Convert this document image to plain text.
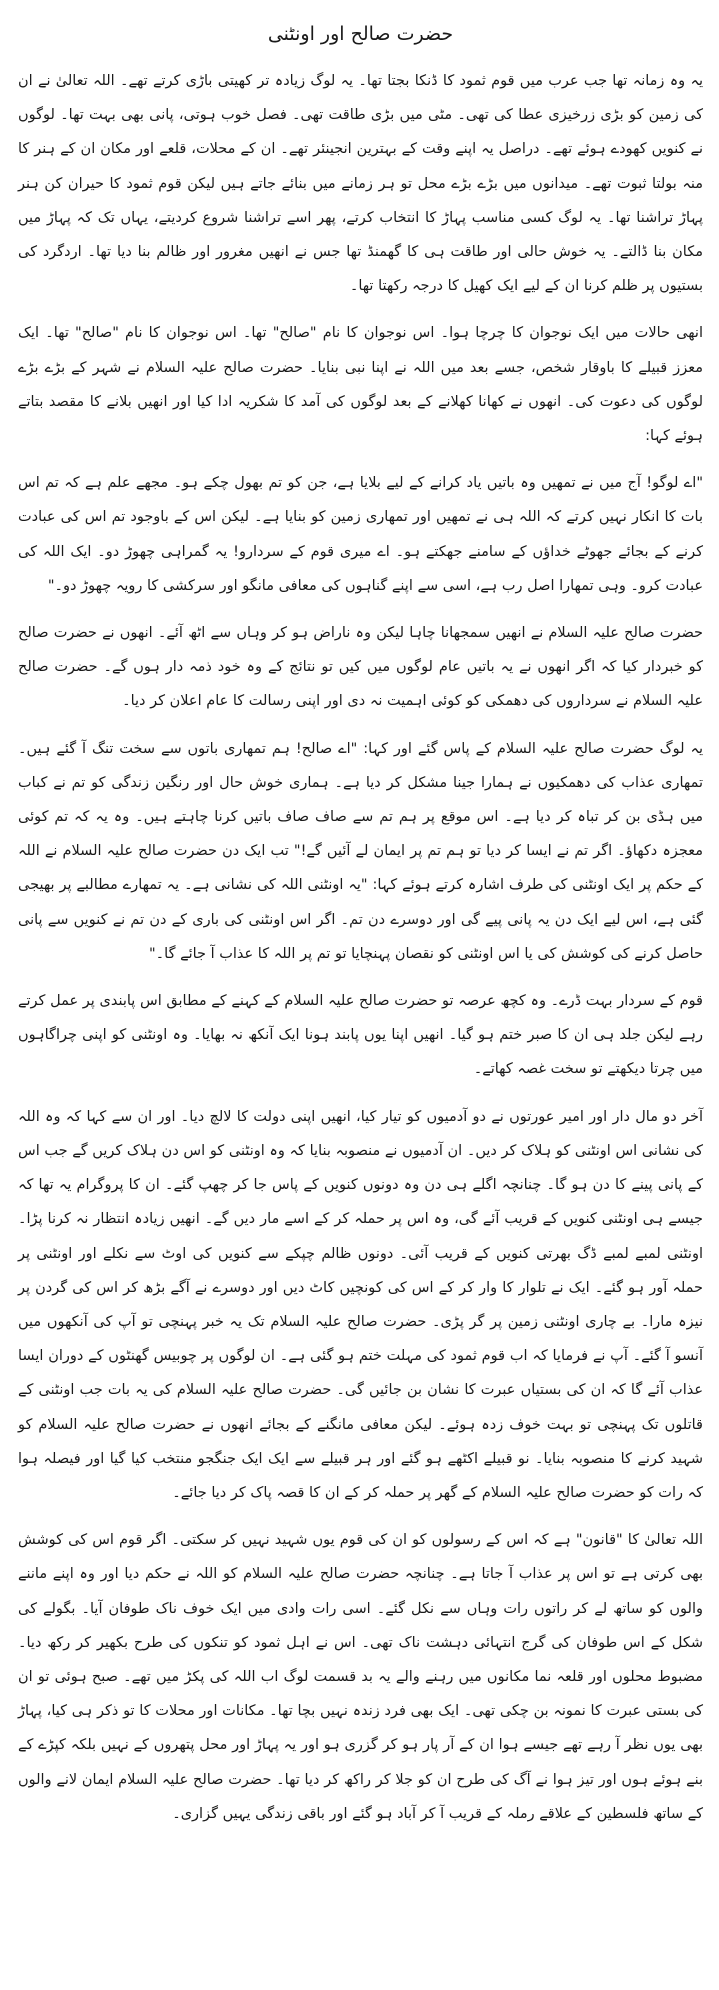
حضرت صالح اور اونٹنی

یہ وہ زمانہ تھا جب عرب میں قوم ثمود کا ڈنکا بجتا تھا۔ یہ لوگ زیادہ تر کھیتی باڑی کرتے تھے۔ اللہ تعالیٰ نے ان کی زمین کو بڑی زرخیزی عطا کی تھی۔ مٹی میں بڑی طاقت تھی۔ فصل خوب ہوتی، پانی بھی بہت تھا۔ لوگوں نے کنویں کھودے ہوئے تھے۔ دراصل یہ اپنے وقت کے بہترین انجینئر تھے۔ ان کے محلات، قلعے اور مکان ان کے ہنر کا منہ بولتا ثبوت تھے۔ میدانوں میں بڑے بڑے محل تو ہر زمانے میں بنائے جاتے ہیں لیکن قوم ثمود کا حیران کن ہنر پہاڑ تراشنا تھا۔ یہ لوگ کسی مناسب پہاڑ کا انتخاب کرتے، پھر اسے تراشنا شروع کردیتے، یہاں تک کہ پہاڑ میں مکان بنا ڈالتے۔ یہ خوش حالی اور طاقت ہی کا گھمنڈ تھا جس نے انھیں مغرور اور ظالم بنا دیا تھا۔ اردگرد کی بستیوں پر ظلم کرنا ان کے لیے ایک کھیل کا درجہ رکھتا تھا۔

انھی حالات میں ایک نوجوان کا چرچا ہوا۔ اس نوجوان کا نام "صالح" تھا۔ اس نوجوان کا نام "صالح" تھا۔ ایک معزز قبیلے کا باوقار شخص، جسے بعد میں اللہ نے اپنا نبی بنایا۔ حضرت صالح علیہ السلام نے شہر کے بڑے بڑے لوگوں کی دعوت کی۔ انھوں نے کھانا کھلانے کے بعد لوگوں کی آمد کا شکریہ ادا کیا اور انھیں بلانے کا مقصد بتاتے ہوئے کہا:

"اے لوگو! آج میں نے تمھیں وہ باتیں یاد کرانے کے لیے بلایا ہے، جن کو تم بھول چکے ہو۔ مجھے علم ہے کہ تم اس بات کا انکار نہیں کرتے کہ اللہ ہی نے تمھیں اور تمھاری زمین کو بنایا ہے۔ لیکن اس کے باوجود تم اس کی عبادت کرنے کے بجائے جھوٹے خداؤں کے سامنے جھکتے ہو۔ اے میری قوم کے سردارو! یہ گمراہی چھوڑ دو۔ ایک اللہ کی عبادت کرو۔ وہی تمھارا اصل رب ہے، اسی سے اپنے گناہوں کی معافی مانگو اور سرکشی کا رویہ چھوڑ دو۔"

حضرت صالح علیہ السلام نے انھیں سمجھانا چاہا لیکن وہ ناراض ہو کر وہاں سے اٹھ آئے۔ انھوں نے حضرت صالح کو خبردار کیا کہ اگر انھوں نے یہ باتیں عام لوگوں میں کیں تو نتائج کے وہ خود ذمہ دار ہوں گے۔ حضرت صالح علیہ السلام نے سرداروں کی دھمکی کو کوئی اہمیت نہ دی اور اپنی رسالت کا عام اعلان کر دیا۔

یہ لوگ حضرت صالح علیہ السلام کے پاس گئے اور کہا: "اے صالح! ہم تمھاری باتوں سے سخت تنگ آ گئے ہیں۔ تمھاری عذاب کی دھمکیوں نے ہمارا جینا مشکل کر دیا ہے۔ ہماری خوش حال اور رنگین زندگی کو تم نے کباب میں ہڈی بن کر تباہ کر دیا ہے۔ اس موقع پر ہم تم سے صاف صاف باتیں کرنا چاہتے ہیں۔ وہ یہ کہ تم کوئی معجزہ دکھاؤ۔ اگر تم نے ایسا کر دیا تو ہم تم پر ایمان لے آئیں گے!" تب ایک دن حضرت صالح علیہ السلام نے اللہ کے حکم پر ایک اونٹنی کی طرف اشارہ کرتے ہوئے کہا: "یہ اونٹنی اللہ کی نشانی ہے۔ یہ تمھارے مطالبے پر بھیجی گئی ہے، اس لیے ایک دن یہ پانی پیے گی اور دوسرے دن تم۔ اگر اس اونٹنی کی باری کے دن تم نے کنویں سے پانی حاصل کرنے کی کوشش کی یا اس اونٹنی کو نقصان پہنچایا تو تم پر اللہ کا عذاب آ جائے گا۔"

قوم کے سردار بہت ڈرے۔ وہ کچھ عرصہ تو حضرت صالح علیہ السلام کے کہنے کے مطابق اس پابندی پر عمل کرتے رہے لیکن جلد ہی ان کا صبر ختم ہو گیا۔ انھیں اپنا یوں پابند ہونا ایک آنکھ نہ بھایا۔ وہ اونٹنی کو اپنی چراگاہوں میں چرتا دیکھتے تو سخت غصہ کھاتے۔

آخر دو مال دار اور امیر عورتوں نے دو آدمیوں کو تیار کیا، انھیں اپنی دولت کا لالچ دیا۔ اور ان سے کہا کہ وہ اللہ کی نشانی اس اونٹنی کو ہلاک کر دیں۔ ان آدمیوں نے منصوبہ بنایا کہ وہ اونٹنی کو اس دن ہلاک کریں گے جب اس کے پانی پینے کا دن ہو گا۔ چنانچہ اگلے ہی دن وہ دونوں کنویں کے پاس جا کر چھپ گئے۔ ان کا پروگرام یہ تھا کہ جیسے ہی اونٹنی کنویں کے قریب آئے گی، وہ اس پر حملہ کر کے اسے مار دیں گے۔ انھیں زیادہ انتظار نہ کرنا پڑا۔ اونٹنی لمبے لمبے ڈگ بھرتی کنویں کے قریب آئی۔ دونوں ظالم چپکے سے کنویں کی اوٹ سے نکلے اور اونٹنی پر حملہ آور ہو گئے۔ ایک نے تلوار کا وار کر کے اس کی کونچیں کاٹ دیں اور دوسرے نے آگے بڑھ کر اس کی گردن پر نیزہ مارا۔ بے چاری اونٹنی زمین پر گر پڑی۔ حضرت صالح علیہ السلام تک یہ خبر پہنچی تو آپ کی آنکھوں میں آنسو آ گئے۔ آپ نے فرمایا کہ اب قوم ثمود کی مہلت ختم ہو گئی ہے۔ ان لوگوں پر چوبیس گھنٹوں کے دوران ایسا عذاب آئے گا کہ ان کی بستیاں عبرت کا نشان بن جائیں گی۔ حضرت صالح علیہ السلام کی یہ بات جب اونٹنی کے قاتلوں تک پہنچی تو بہت خوف زدہ ہوئے۔ لیکن معافی مانگنے کے بجائے انھوں نے حضرت صالح علیہ السلام کو شہید کرنے کا منصوبہ بنایا۔ نو قبیلے اکٹھے ہو گئے اور ہر قبیلے سے ایک ایک جنگجو منتخب کیا گیا اور فیصلہ ہوا کہ رات کو حضرت صالح علیہ السلام کے گھر پر حملہ کر کے ان کا قصہ پاک کر دیا جائے۔

اللہ تعالیٰ کا "قانون" ہے کہ اس کے رسولوں کو ان کی قوم یوں شہید نہیں کر سکتی۔ اگر قوم اس کی کوشش بھی کرتی ہے تو اس پر عذاب آ جاتا ہے۔ چنانچہ حضرت صالح علیہ السلام کو اللہ نے حکم دیا اور وہ اپنے ماننے والوں کو ساتھ لے کر راتوں رات وہاں سے نکل گئے۔ اسی رات وادی میں ایک خوف ناک طوفان آیا۔ بگولے کی شکل کے اس طوفان کی گرج انتہائی دہشت ناک تھی۔ اس نے اہل ثمود کو تنکوں کی طرح بکھیر کر رکھ دیا۔ مضبوط محلوں اور قلعہ نما مکانوں میں رہنے والے یہ بد قسمت لوگ اب اللہ کی پکڑ میں تھے۔ صبح ہوئی تو ان کی بستی عبرت کا نمونہ بن چکی تھی۔ ایک بھی فرد زندہ نہیں بچا تھا۔ مکانات اور محلات کا تو ذکر ہی کیا، پہاڑ بھی یوں نظر آ رہے تھے جیسے ہوا ان کے آر پار ہو کر گزری ہو اور یہ پہاڑ اور محل پتھروں کے نہیں بلکہ کپڑے کے بنے ہوئے ہوں اور تیز ہوا نے آگ کی طرح ان کو جلا کر راکھ کر دیا تھا۔ حضرت صالح علیہ السلام ایمان لانے والوں کے ساتھ فلسطین کے علاقے رملہ کے قریب آ کر آباد ہو گئے اور باقی زندگی یہیں گزاری۔
